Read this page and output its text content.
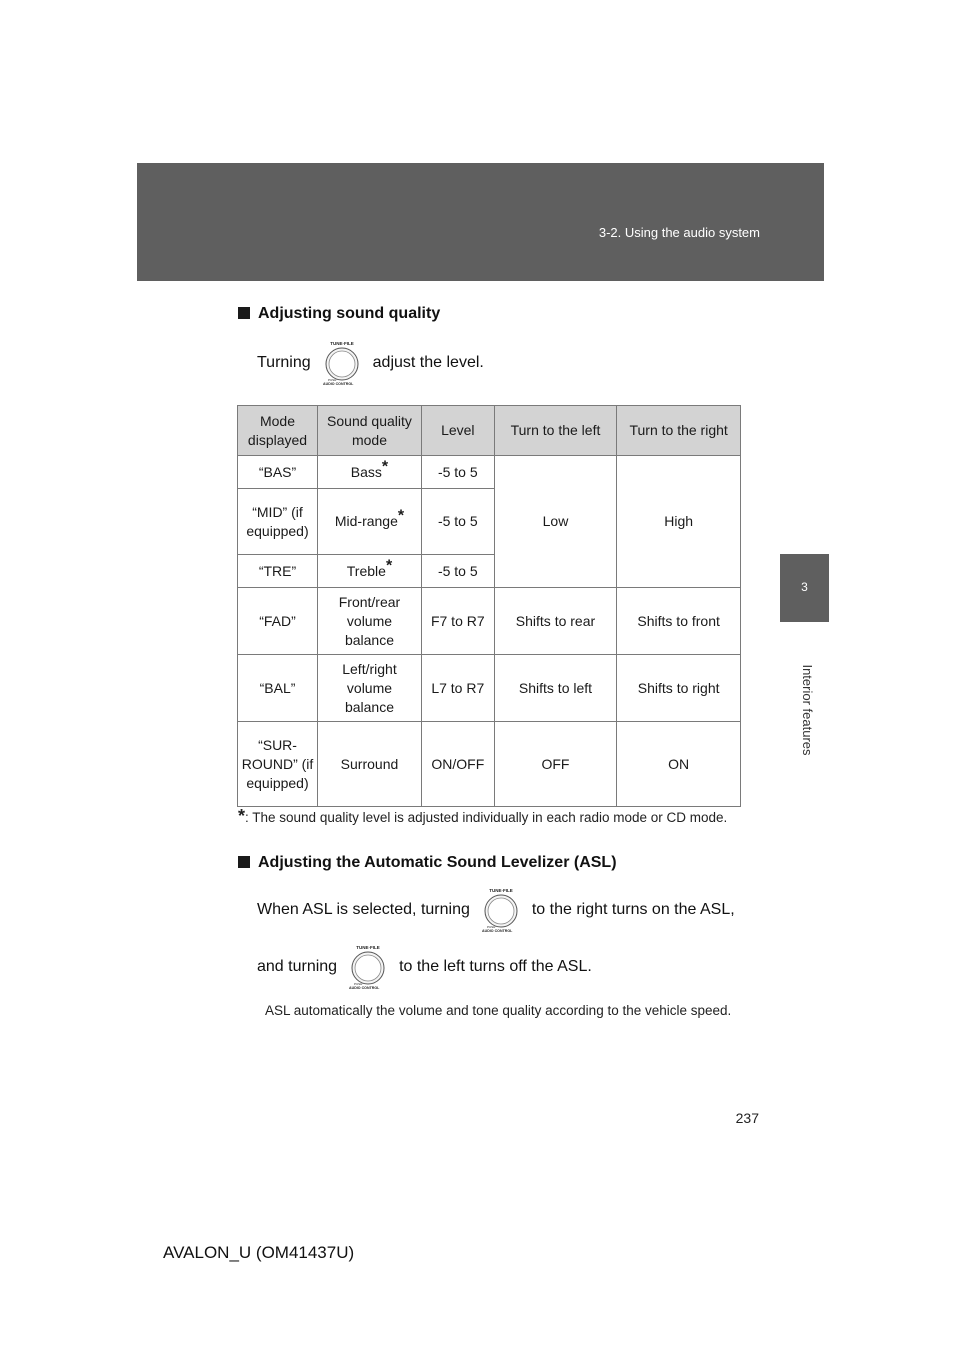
3-2. Using the audio system
3
Interior features
Adjusting sound quality
Turning
TUNE·FILE
PUSH
AUDIO CONTROL
adjust the level.
Mode displayed	Sound quality mode	Level	Turn to the left	Turn to the right
“BAS”	Bass*	-5 to 5	Low	High
“MID” (if equipped)	Mid-range*	-5 to 5		
“TRE”	Treble*	-5 to 5		
“FAD”	Front/rear volume balance	F7 to R7	Shifts to rear	Shifts to front
“BAL”	Left/right volume balance	L7 to R7	Shifts to left	Shifts to right
“SUR-ROUND” (if equipped)	Surround	ON/OFF	OFF	ON
*: The sound quality level is adjusted individually in each radio mode or CD mode.
Adjusting the Automatic Sound Levelizer (ASL)
When ASL is selected, turning
TUNE·FILE
PUSH
AUDIO CONTROL
to the right turns on the ASL,
and turning
TUNE·FILE
PUSH
AUDIO CONTROL
to the left turns off the ASL.
ASL automatically the volume and tone quality according to the vehicle speed.
237
AVALON_U (OM41437U)
